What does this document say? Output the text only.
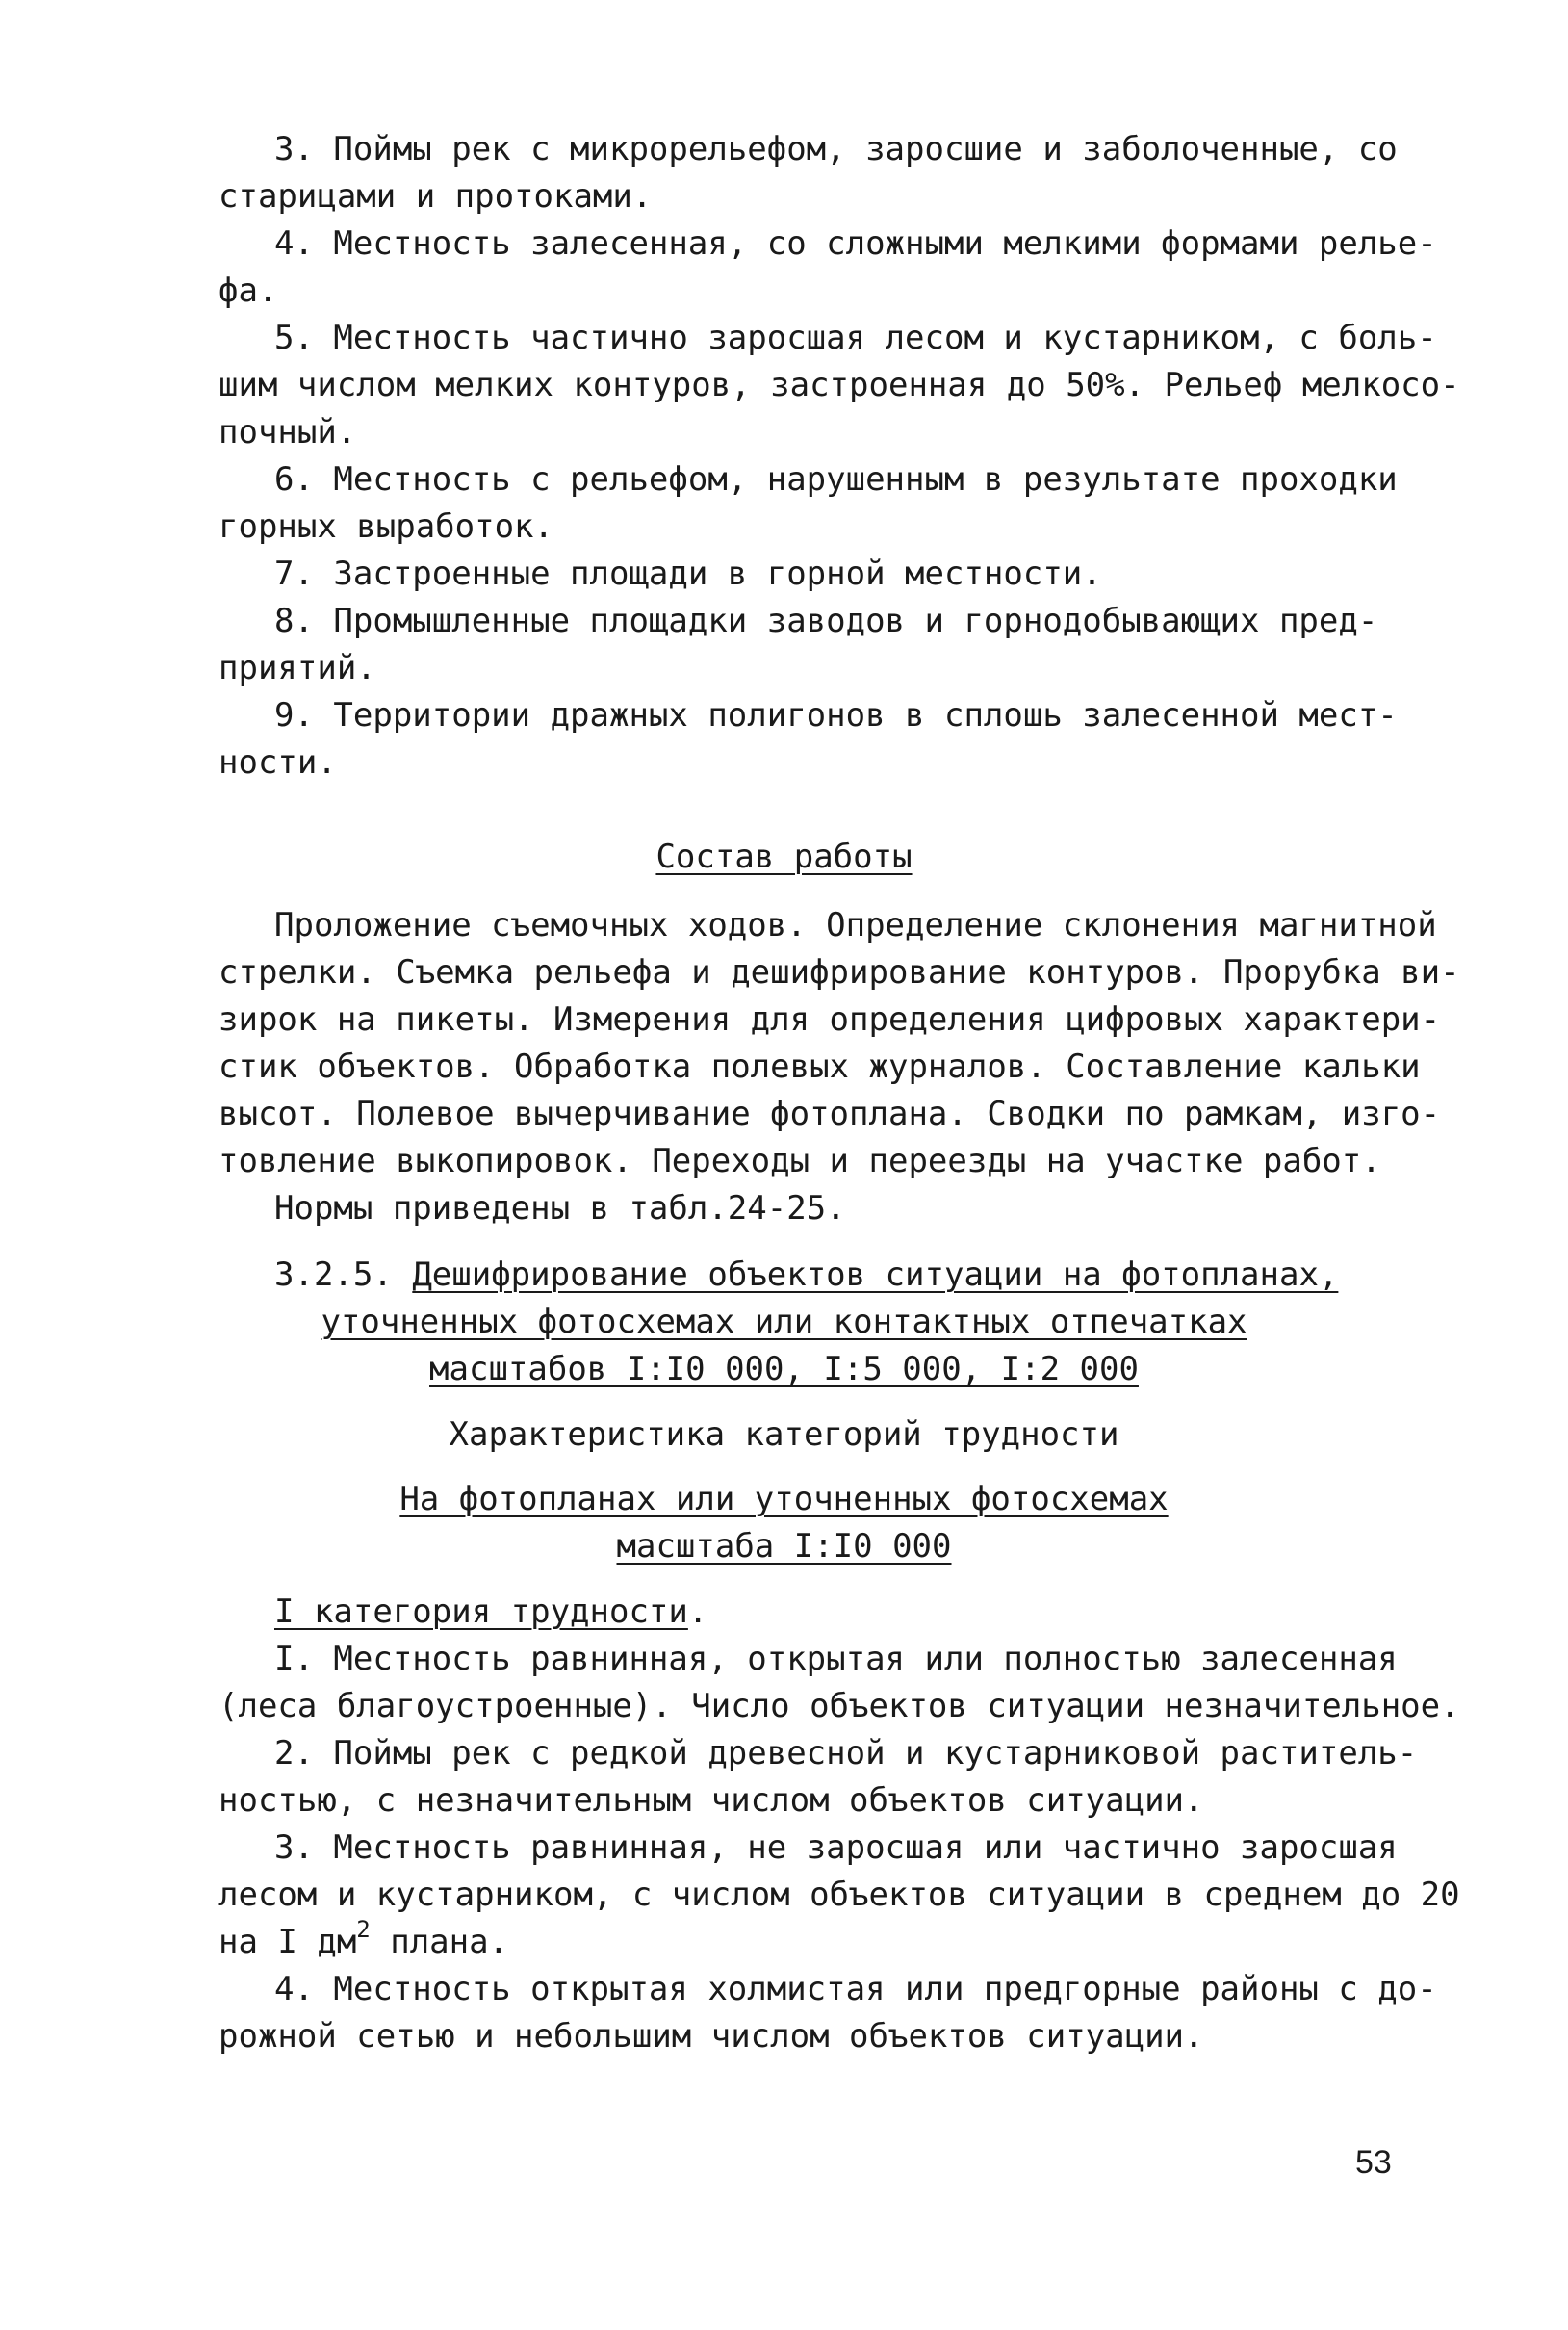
3. Поймы рек с микрорельефом, заросшие и заболоченные, со

старицами и протоками.

4. Местность залесенная, со сложными мелкими формами релье-

фа.

5. Местность частично заросшая лесом и кустарником, с боль-

шим числом мелких контуров, застроенная до 50%. Рельеф мелкосо-

почный.

6. Местность с рельефом, нарушенным в результате проходки

горных выработок.

7. Застроенные площади в горной местности.

8. Промышленные площадки заводов и горнодобывающих пред-

приятий.

9. Территории дражных полигонов в сплошь залесенной мест-

ности.

Состав работы

Проложение съемочных ходов. Определение склонения магнитной

стрелки. Съемка рельефа и дешифрирование контуров. Прорубка ви-

зирок на пикеты. Измерения для определения цифровых характери-

стик объектов. Обработка полевых журналов. Составление кальки

высот. Полевое вычерчивание фотоплана. Сводки по рамкам, изго-

товление выкопировок. Переходы и переезды на участке работ.

Нормы приведены в табл.24-25.

3.2.5. Дешифрирование объектов ситуации на фотопланах,

уточненных фотосхемах или контактных отпечатках

масштабов I:I0 000, I:5 000, I:2 000

Характеристика категорий трудности

На фотопланах или уточненных фотосхемах

масштаба I:I0 000

I категория трудности.

I. Местность равнинная, открытая или полностью залесенная

(леса благоустроенные). Число объектов ситуации незначительное.

2. Поймы рек с редкой древесной и кустарниковой раститель-

ностью, с незначительным числом объектов ситуации.

3. Местность равнинная, не заросшая или частично заросшая

лесом и кустарником, с числом объектов ситуации в среднем до 20

на I $дм^2$ плана.

4. Местность открытая холмистая или предгорные районы с до-

рожной сетью и небольшим числом объектов ситуации.

53
